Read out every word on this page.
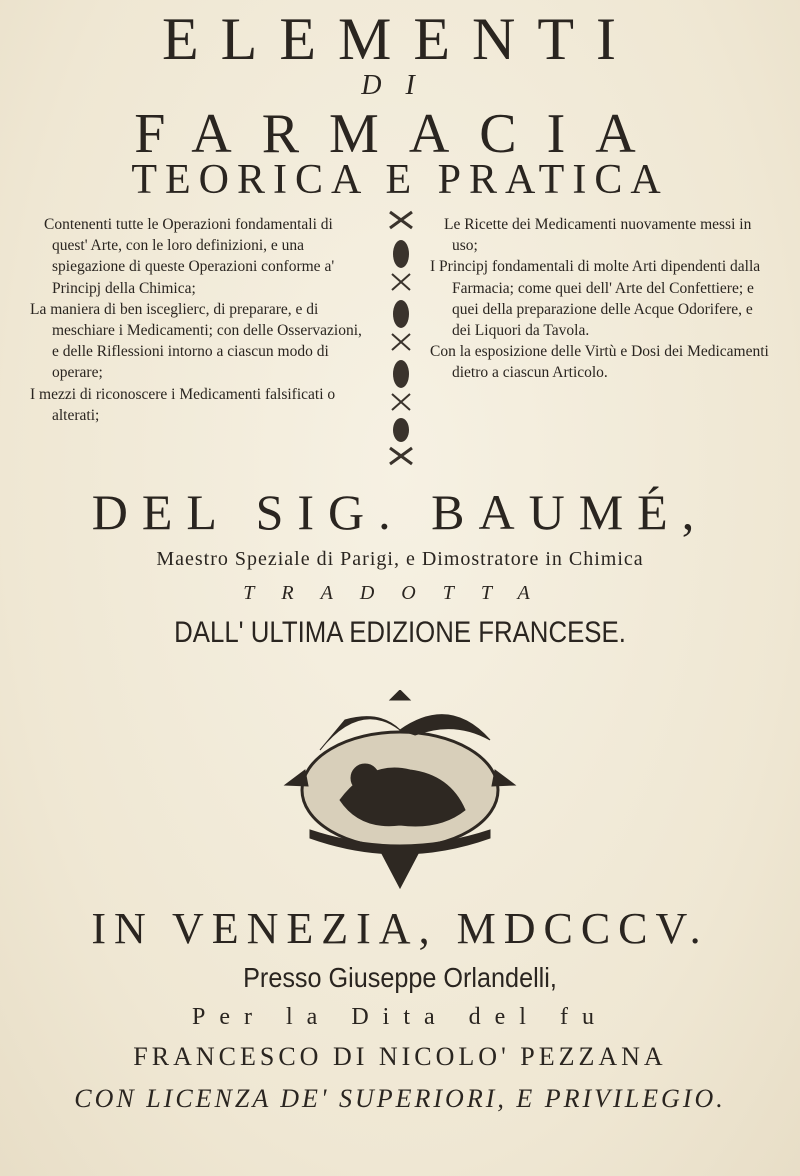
ELEMENTI
DI
FARMACIA
TEORICA E PRATICA

Contenenti tutte le Operazioni fondamentali di quest' Arte, con le loro definizioni, e una spiegazione di queste Operazioni conforme a' Principj della Chimica;

La maniera di ben isceglierc, di preparare, e di meschiare i Medicamenti; con delle Osservazioni, e delle Riflessioni intorno a ciascun modo di operare;

I mezzi di riconoscere i Medicamenti falsificati o alterati;

Le Ricette dei Medicamenti nuovamente messi in uso;

I Principj fondamentali di molte Arti dipendenti dalla Farmacia; come quei dell' Arte del Confettiere; e quei della preparazione delle Acque Odorifere, e dei Liquori da Tavola.

Con la esposizione delle Virtù e Dosi dei Medicamenti dietro a ciascun Articolo.

DEL SIG. BAUMÉ,
Maestro Speziale di Parigi, e Dimostratore in Chimica
TRADOTTA
DALL' ULTIMA EDIZIONE FRANCESE.
IN VENEZIA, MDCCCV.
Presso Giuseppe Orlandelli,
Per la Dita del fu
FRANCESCO DI NICOLO' PEZZANA
CON LICENZA DE' SUPERIORI, E PRIVILEGIO.
